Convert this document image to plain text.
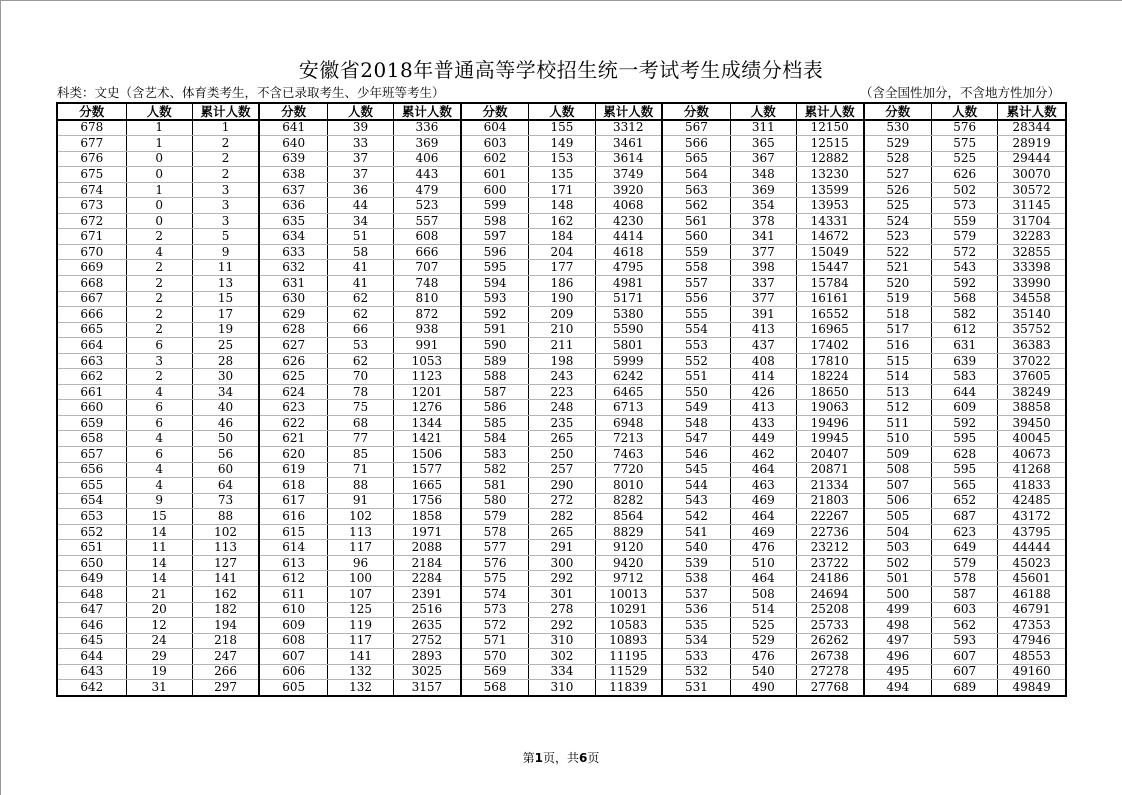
安徽省2018年普通高等学校招生统一考试考生成绩分档表
科类：文史（含艺术、体育类考生，不含已录取考生、少年班等考生）	（含全国性加分，不含地方性加分）
分数	人数	累计人数	分数	人数	累计人数	分数	人数	累计人数	分数	人数	累计人数	分数	人数	累计人数
678	1	1	641	39	336	604	155	3312	567	311	12150	530	576	28344
677	1	2	640	33	369	603	149	3461	566	365	12515	529	575	28919
676	0	2	639	37	406	602	153	3614	565	367	12882	528	525	29444
675	0	2	638	37	443	601	135	3749	564	348	13230	527	626	30070
674	1	3	637	36	479	600	171	3920	563	369	13599	526	502	30572
673	0	3	636	44	523	599	148	4068	562	354	13953	525	573	31145
672	0	3	635	34	557	598	162	4230	561	378	14331	524	559	31704
671	2	5	634	51	608	597	184	4414	560	341	14672	523	579	32283
670	4	9	633	58	666	596	204	4618	559	377	15049	522	572	32855
669	2	11	632	41	707	595	177	4795	558	398	15447	521	543	33398
668	2	13	631	41	748	594	186	4981	557	337	15784	520	592	33990
667	2	15	630	62	810	593	190	5171	556	377	16161	519	568	34558
666	2	17	629	62	872	592	209	5380	555	391	16552	518	582	35140
665	2	19	628	66	938	591	210	5590	554	413	16965	517	612	35752
664	6	25	627	53	991	590	211	5801	553	437	17402	516	631	36383
663	3	28	626	62	1053	589	198	5999	552	408	17810	515	639	37022
662	2	30	625	70	1123	588	243	6242	551	414	18224	514	583	37605
661	4	34	624	78	1201	587	223	6465	550	426	18650	513	644	38249
660	6	40	623	75	1276	586	248	6713	549	413	19063	512	609	38858
659	6	46	622	68	1344	585	235	6948	548	433	19496	511	592	39450
658	4	50	621	77	1421	584	265	7213	547	449	19945	510	595	40045
657	6	56	620	85	1506	583	250	7463	546	462	20407	509	628	40673
656	4	60	619	71	1577	582	257	7720	545	464	20871	508	595	41268
655	4	64	618	88	1665	581	290	8010	544	463	21334	507	565	41833
654	9	73	617	91	1756	580	272	8282	543	469	21803	506	652	42485
653	15	88	616	102	1858	579	282	8564	542	464	22267	505	687	43172
652	14	102	615	113	1971	578	265	8829	541	469	22736	504	623	43795
651	11	113	614	117	2088	577	291	9120	540	476	23212	503	649	44444
650	14	127	613	96	2184	576	300	9420	539	510	23722	502	579	45023
649	14	141	612	100	2284	575	292	9712	538	464	24186	501	578	45601
648	21	162	611	107	2391	574	301	10013	537	508	24694	500	587	46188
647	20	182	610	125	2516	573	278	10291	536	514	25208	499	603	46791
646	12	194	609	119	2635	572	292	10583	535	525	25733	498	562	47353
645	24	218	608	117	2752	571	310	10893	534	529	26262	497	593	47946
644	29	247	607	141	2893	570	302	11195	533	476	26738	496	607	48553
643	19	266	606	132	3025	569	334	11529	532	540	27278	495	607	49160
642	31	297	605	132	3157	568	310	11839	531	490	27768	494	689	49849
第1页，共6页
